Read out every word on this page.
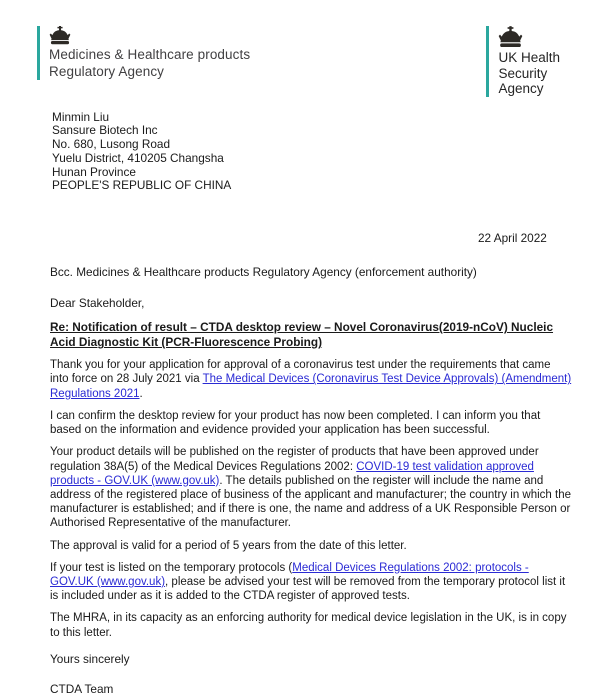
Medicines & Healthcare products
Regulatory Agency
UK Health
Security
Agency
Minmin Liu
Sansure Biotech Inc
No. 680, Lusong Road
Yuelu District, 410205 Changsha
Hunan Province
PEOPLE'S REPUBLIC OF CHINA
22 April 2022
Bcc. Medicines & Healthcare products Regulatory Agency (enforcement authority)
Dear Stakeholder,

Re: Notification of result – CTDA desktop review – Novel Coronavirus(2019-nCoV) Nucleic Acid Diagnostic Kit (PCR-Fluorescence Probing)

Thank you for your application for approval of a coronavirus test under the requirements that came into force on 28 July 2021 via The Medical Devices (Coronavirus Test Device Approvals) (Amendment) Regulations 2021.

I can confirm the desktop review for your product has now been completed. I can inform you that based on the information and evidence provided your application has been successful.

Your product details will be published on the register of products that have been approved under regulation 38A(5) of the Medical Devices Regulations 2002: COVID-19 test validation approved products - GOV.UK (www.gov.uk). The details published on the register will include the name and address of the registered place of business of the applicant and manufacturer; the country in which the manufacturer is established; and if there is one, the name and address of a UK Responsible Person or Authorised Representative of the manufacturer.

The approval is valid for a period of 5 years from the date of this letter.

If your test is listed on the temporary protocols (Medical Devices Regulations 2002: protocols - GOV.UK (www.gov.uk), please be advised your test will be removed from the temporary protocol list it is included under as it is added to the CTDA register of approved tests.

The MHRA, in its capacity as an enforcing authority for medical device legislation in the UK, is in copy to this letter.

Yours sincerely
CTDA Team
